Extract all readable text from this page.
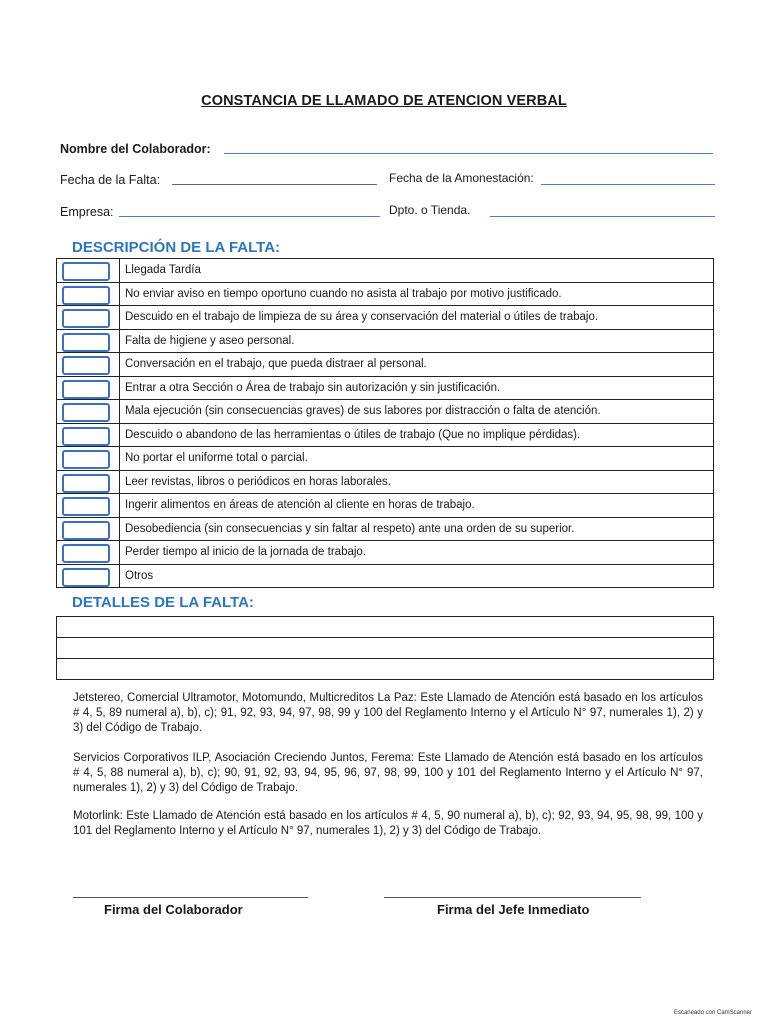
CONSTANCIA DE LLAMADO DE ATENCION VERBAL
Nombre del Colaborador:
Fecha de la Falta:	Fecha de la Amonestación:
Empresa:	Dpto. o Tienda.
DESCRIPCIÓN DE LA FALTA:
	Llegada Tardía

	No enviar aviso en tiempo oportuno cuando no asista al trabajo por motivo justificado.

	Descuido en el trabajo de limpieza de su área y conservación del material o útiles de trabajo.

	Falta de higiene y aseo personal.

	Conversación en el trabajo, que pueda distraer al personal.

	Entrar a otra Sección o Área de trabajo sin autorización y sin justificación.

	Mala ejecución (sin consecuencias graves) de sus labores por distracción o falta de atención.

	Descuido o abandono de las herramientas o útiles de trabajo (Que no implique pérdidas).

	No portar el uniforme total o parcial.

	Leer revistas, libros o periódicos en horas laborales.

	Ingerir alimentos en áreas de atención al cliente en horas de trabajo.

	Desobediencia (sin consecuencias y sin faltar al respeto) ante una orden de su superior.

	Perder tiempo al inicio de la jornada de trabajo.

	Otros
DETALLES DE LA FALTA:

Jetstereo, Comercial Ultramotor, Motomundo, Multicreditos La Paz: Este Llamado de Atención está basado en los artículos # 4, 5, 89 numeral a), b), c); 91, 92, 93, 94, 97, 98, 99 y 100 del Reglamento Interno y el Artículo N° 97, numerales 1), 2) y 3) del Código de Trabajo.
Servicios Corporativos ILP, Asociación Creciendo Juntos, Ferema: Este Llamado de Atención está basado en los artículos # 4, 5, 88 numeral a), b), c); 90, 91, 92, 93, 94, 95, 96, 97, 98, 99, 100 y 101 del Reglamento Interno y el Artículo N° 97, numerales 1), 2) y 3) del Código de Trabajo.
Motorlink: Este Llamado de Atención está basado en los artículos # 4, 5, 90 numeral a), b), c); 92, 93, 94, 95, 98, 99, 100 y 101 del Reglamento Interno y el Artículo N° 97, numerales 1), 2) y 3) del Código de Trabajo.
Firma del Colaborador	Firma del Jefe Inmediato
Escaneado con CamScanner
